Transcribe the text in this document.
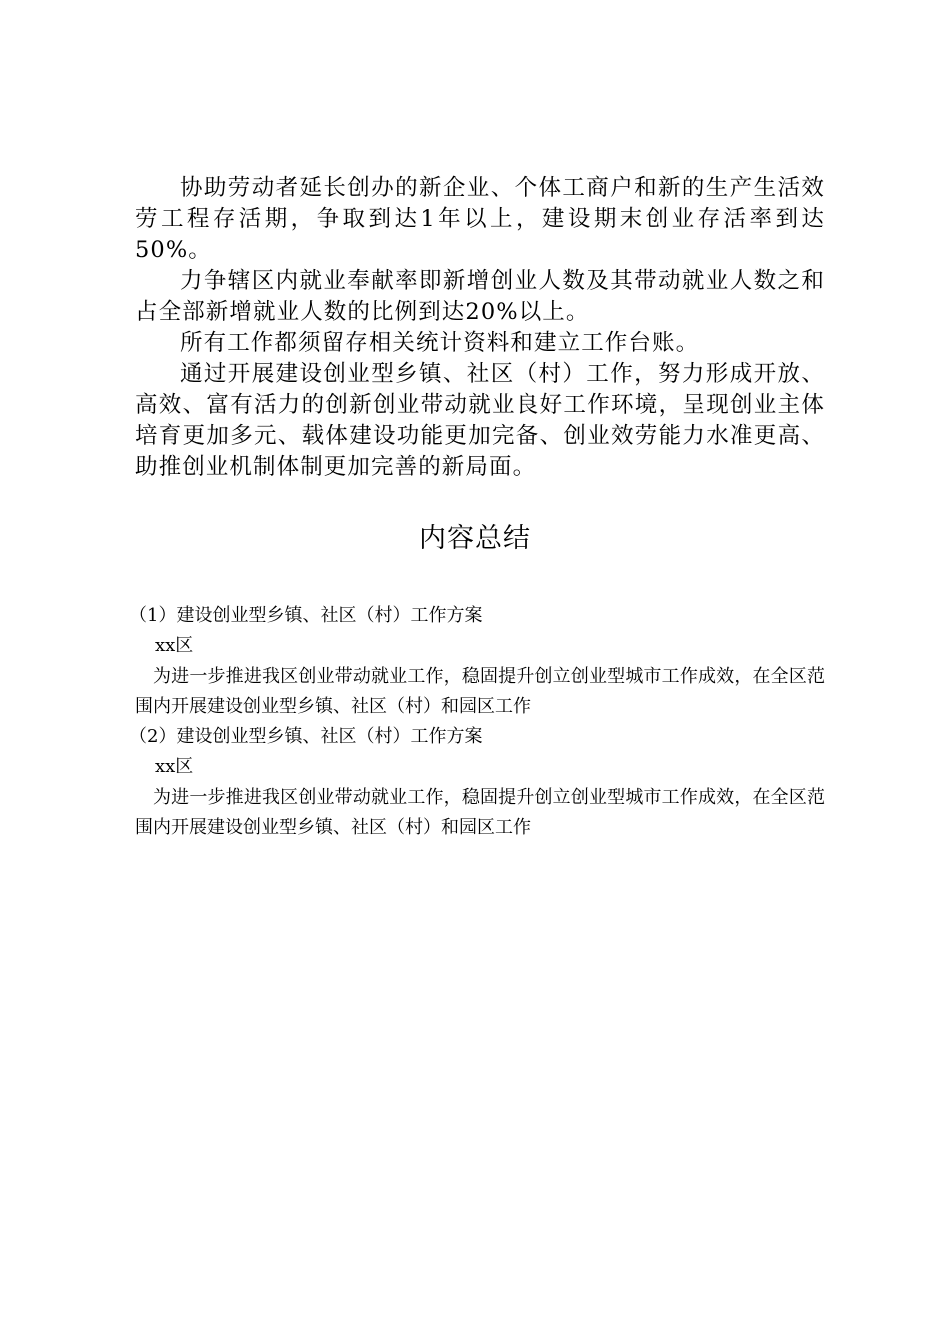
协助劳动者延长创办的新企业、个体工商户和新的生产生活效劳工程存活期，争取到达1年以上，建设期末创业存活率到达50%。

力争辖区内就业奉献率即新增创业人数及其带动就业人数之和占全部新增就业人数的比例到达20%以上。

所有工作都须留存相关统计资料和建立工作台账。

通过开展建设创业型乡镇、社区（村）工作，努力形成开放、高效、富有活力的创新创业带动就业良好工作环境，呈现创业主体培育更加多元、载体建设功能更加完备、创业效劳能力水准更高、助推创业机制体制更加完善的新局面。

内容总结

（1）建设创业型乡镇、社区（村）工作方案

xx区

为进一步推进我区创业带动就业工作，稳固提升创立创业型城市工作成效，在全区范围内开展建设创业型乡镇、社区（村）和园区工作

（2）建设创业型乡镇、社区（村）工作方案

xx区

为进一步推进我区创业带动就业工作，稳固提升创立创业型城市工作成效，在全区范围内开展建设创业型乡镇、社区（村）和园区工作
